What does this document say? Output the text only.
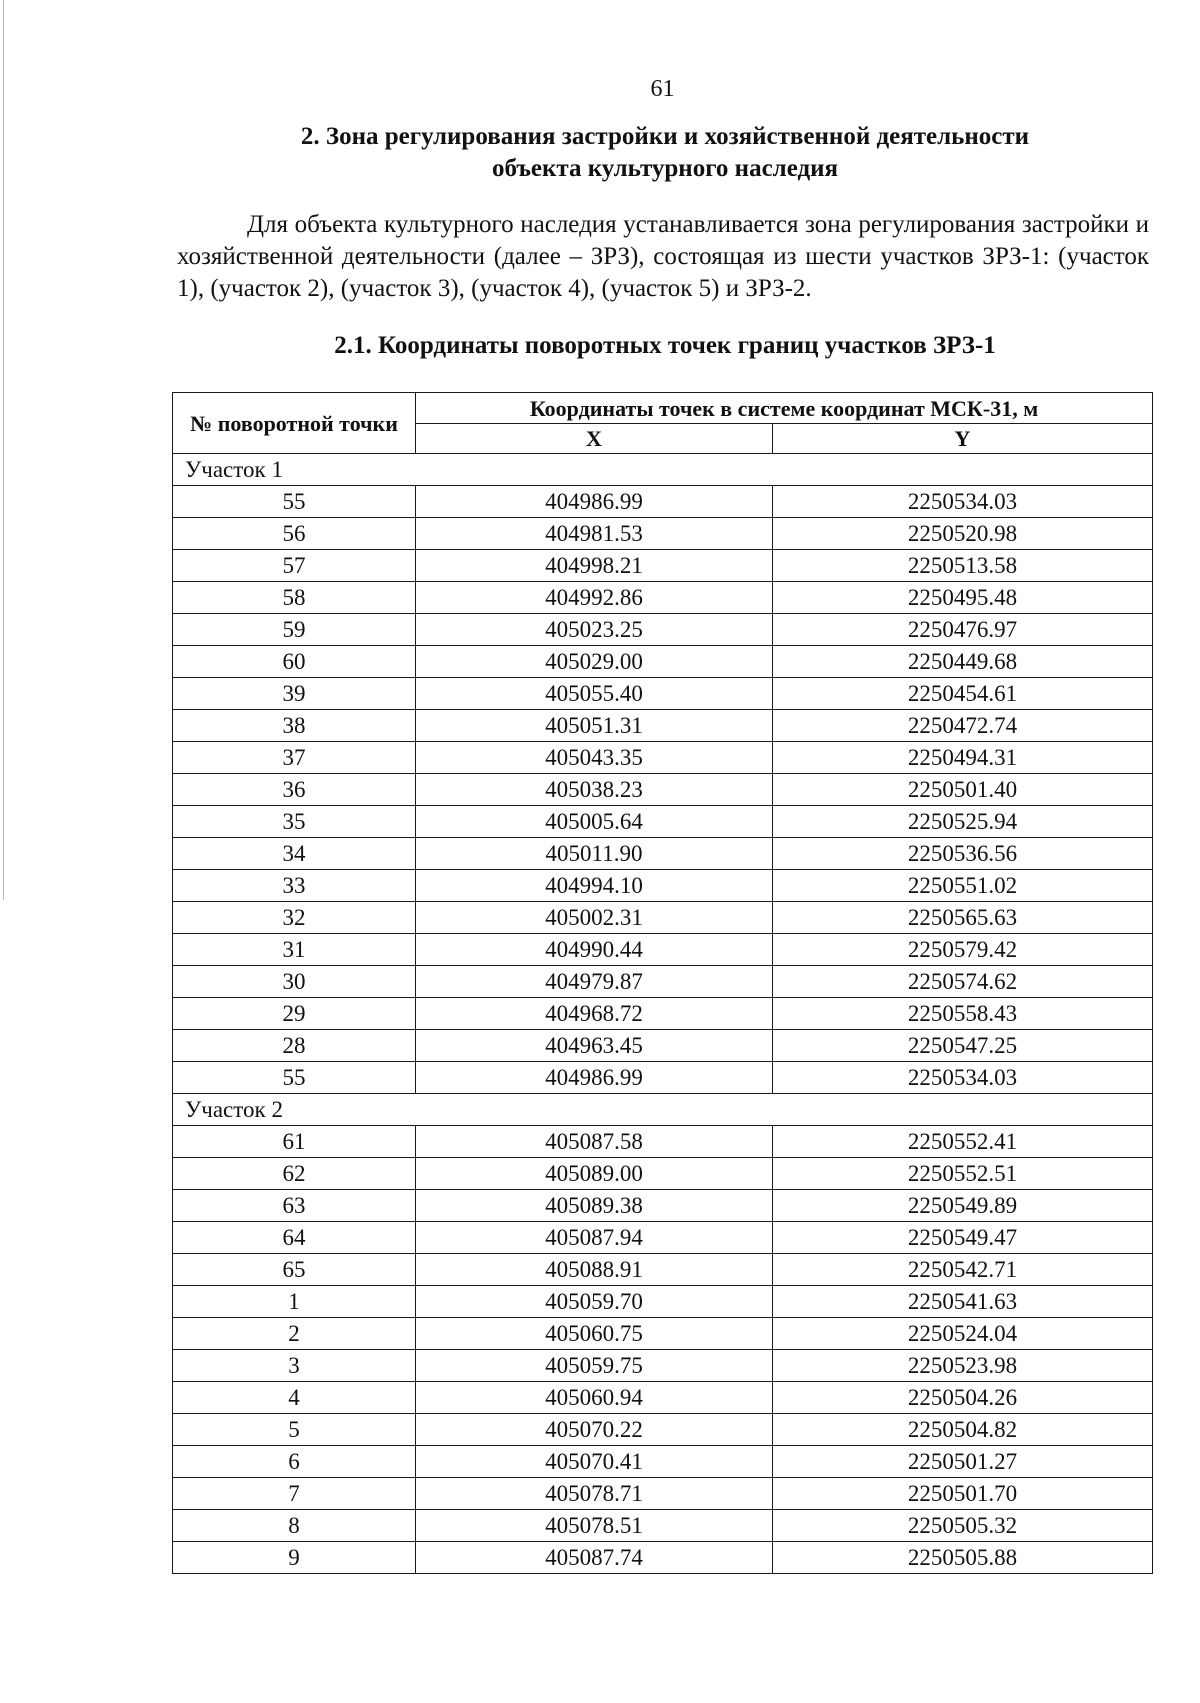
61
2. Зона регулирования застройки и хозяйственной деятельности
объекта культурного наследия

Для объекта культурного наследия устанавливается зона регулирования застройки и хозяйственной деятельности (далее – ЗРЗ), состоящая из шести участков ЗРЗ-1: (участок 1), (участок 2), (участок 3), (участок 4), (участок 5) и ЗРЗ-2.

2.1. Координаты поворотных точек границ участков ЗРЗ-1
№ поворотной точки	Координаты точек в системе координат МСК-31, м	
	X	Y
Участок 1		
55	404986.99	2250534.03
56	404981.53	2250520.98
57	404998.21	2250513.58
58	404992.86	2250495.48
59	405023.25	2250476.97
60	405029.00	2250449.68
39	405055.40	2250454.61
38	405051.31	2250472.74
37	405043.35	2250494.31
36	405038.23	2250501.40
35	405005.64	2250525.94
34	405011.90	2250536.56
33	404994.10	2250551.02
32	405002.31	2250565.63
31	404990.44	2250579.42
30	404979.87	2250574.62
29	404968.72	2250558.43
28	404963.45	2250547.25
55	404986.99	2250534.03
Участок 2		
61	405087.58	2250552.41
62	405089.00	2250552.51
63	405089.38	2250549.89
64	405087.94	2250549.47
65	405088.91	2250542.71
1	405059.70	2250541.63
2	405060.75	2250524.04
3	405059.75	2250523.98
4	405060.94	2250504.26
5	405070.22	2250504.82
6	405070.41	2250501.27
7	405078.71	2250501.70
8	405078.51	2250505.32
9	405087.74	2250505.88
